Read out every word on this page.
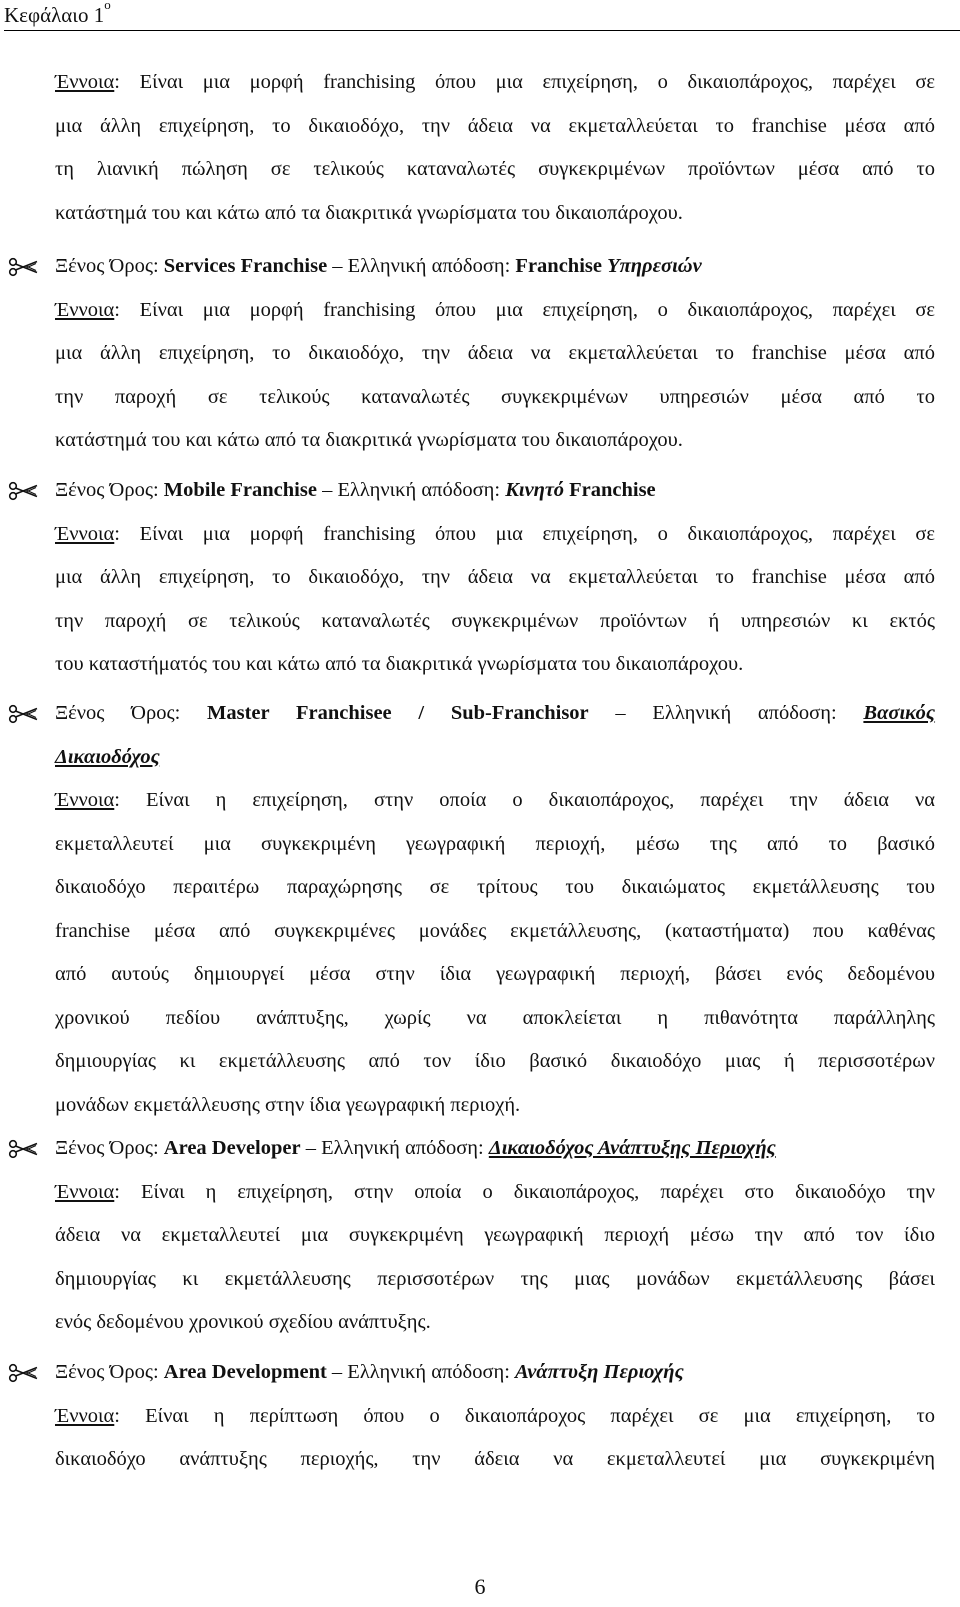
Κεφάλαιο $1^o$
Έννοια: Είναι μια μορφή franchising όπου μια επιχείρηση, ο δικαιοπάροχος, παρέχει σε
μια άλλη επιχείρηση, το δικαιοδόχο, την άδεια να εκμεταλλεύεται το franchise μέσα από
τη λιανική πώληση σε τελικούς καταναλωτές συγκεκριμένων προϊόντων μέσα από το
κατάστημά του και κάτω από τα διακριτικά γνωρίσματα του δικαιοπάροχου.
Ξένος Όρος: Services Franchise – Ελληνική απόδοση: Franchise Υπηρεσιών
Έννοια: Είναι μια μορφή franchising όπου μια επιχείρηση, ο δικαιοπάροχος, παρέχει σε
μια άλλη επιχείρηση, το δικαιοδόχο, την άδεια να εκμεταλλεύεται το franchise μέσα από
την παροχή σε τελικούς καταναλωτές συγκεκριμένων υπηρεσιών μέσα από το
κατάστημά του και κάτω από τα διακριτικά γνωρίσματα του δικαιοπάροχου.
Ξένος Όρος: Mobile Franchise – Ελληνική απόδοση: Κινητό Franchise
Έννοια: Είναι μια μορφή franchising όπου μια επιχείρηση, ο δικαιοπάροχος, παρέχει σε
μια άλλη επιχείρηση, το δικαιοδόχο, την άδεια να εκμεταλλεύεται το franchise μέσα από
την παροχή σε τελικούς καταναλωτές συγκεκριμένων προϊόντων ή υπηρεσιών κι εκτός
του καταστήματός του και κάτω από τα διακριτικά γνωρίσματα του δικαιοπάροχου.
Ξένος Όρος: Master Franchisee / Sub-Franchisor – Ελληνική απόδοση: Βασικός
Δικαιοδόχος
Έννοια: Είναι η επιχείρηση, στην οποία ο δικαιοπάροχος, παρέχει την άδεια να
εκμεταλλευτεί μια συγκεκριμένη γεωγραφική περιοχή, μέσω της από το βασικό
δικαιοδόχο περαιτέρω παραχώρησης σε τρίτους του δικαιώματος εκμετάλλευσης του
franchise μέσα από συγκεκριμένες μονάδες εκμετάλλευσης, (καταστήματα) που καθένας
από αυτούς δημιουργεί μέσα στην ίδια γεωγραφική περιοχή, βάσει ενός δεδομένου
χρονικού πεδίου ανάπτυξης, χωρίς να αποκλείεται η πιθανότητα παράλληλης
δημιουργίας κι εκμετάλλευσης από τον ίδιο βασικό δικαιοδόχο μιας ή περισσοτέρων
μονάδων εκμετάλλευσης στην ίδια γεωγραφική περιοχή.
Ξένος Όρος: Area Developer – Ελληνική απόδοση: Δικαιοδόχος Ανάπτυξης Περιοχής
Έννοια: Είναι η επιχείρηση, στην οποία ο δικαιοπάροχος, παρέχει στο δικαιοδόχο την
άδεια να εκμεταλλευτεί μια συγκεκριμένη γεωγραφική περιοχή μέσω την από τον ίδιο
δημιουργίας κι εκμετάλλευσης περισσοτέρων της μιας μονάδων εκμετάλλευσης βάσει
ενός δεδομένου χρονικού σχεδίου ανάπτυξης.
Ξένος Όρος: Area Development – Ελληνική απόδοση: Ανάπτυξη Περιοχής
Έννοια: Είναι η περίπτωση όπου ο δικαιοπάροχος παρέχει σε μια επιχείρηση, το
δικαιοδόχο ανάπτυξης περιοχής, την άδεια να εκμεταλλευτεί μια συγκεκριμένη
6
